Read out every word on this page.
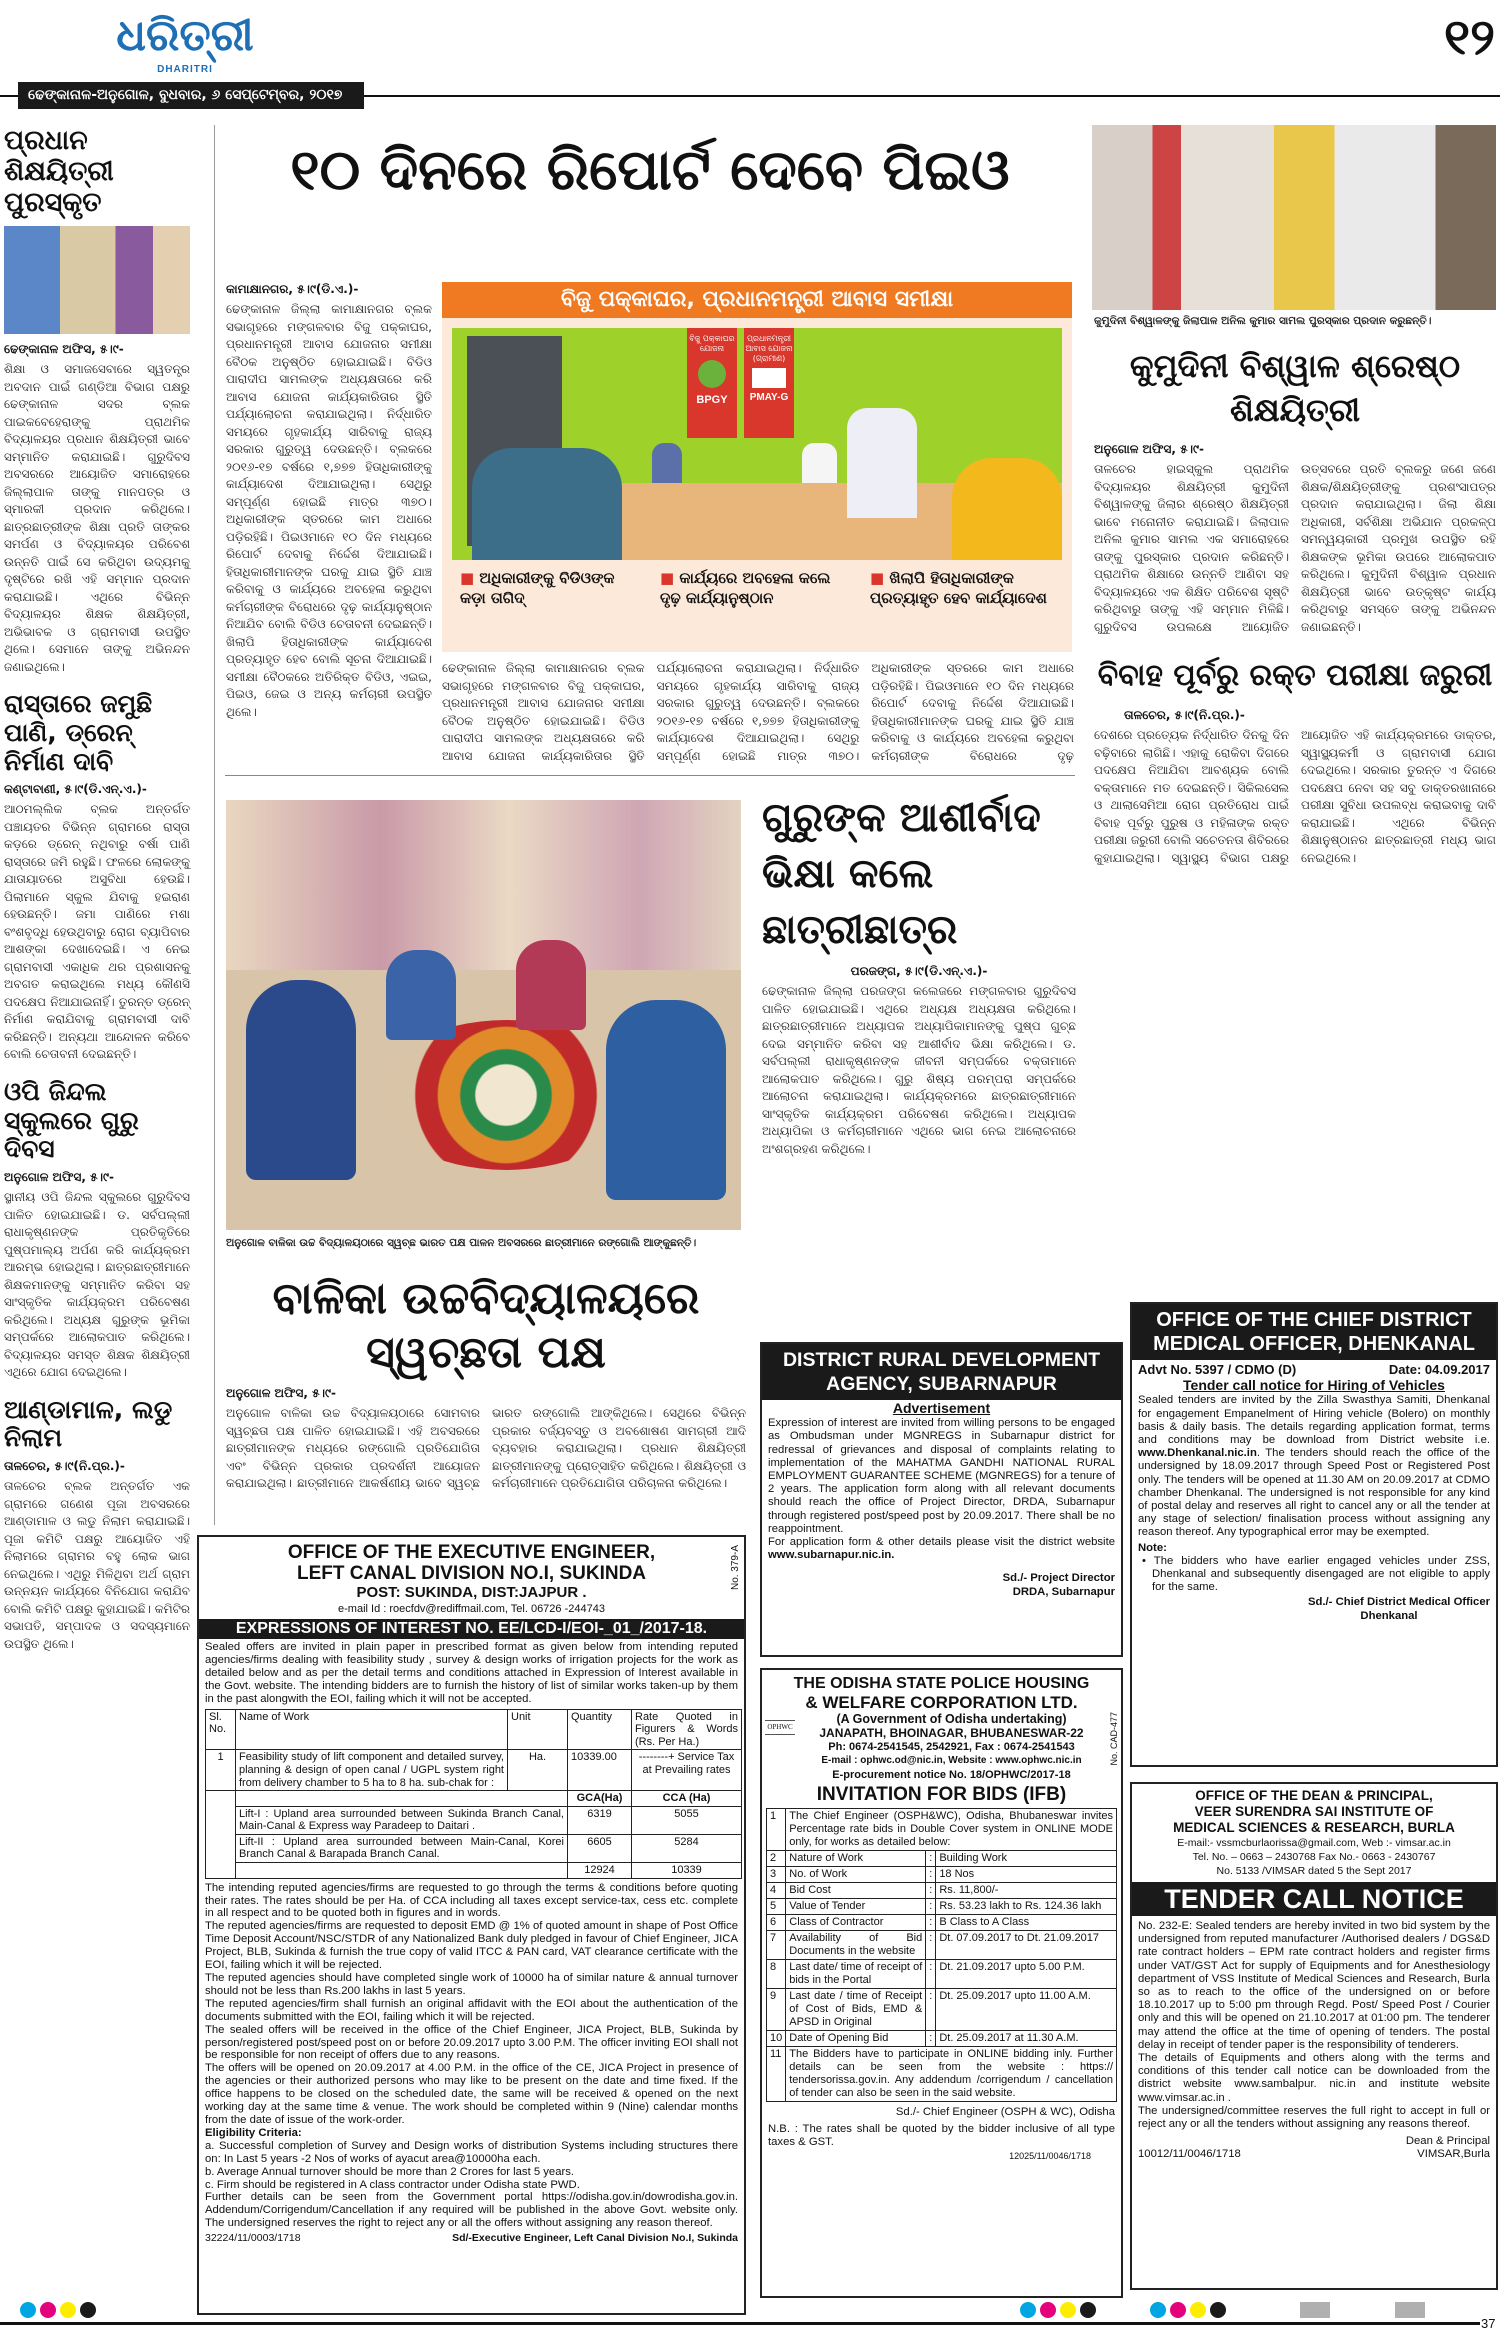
ଧରିତ୍ରୀ
DHARITRI
ଢେଙ୍କାନାଳ-ଅନୁଗୋଳ, ବୁଧବାର, ୬ ସେପ୍ଟେମ୍ବର, ୨୦୧୭
୧୨
ପ୍ରଧାନ ଶିକ୍ଷୟିତ୍ରୀ ପୁରସ୍କୃତ
ଢେଙ୍କାନାଳ ଅଫିସ, ୫।୯-
ଶିକ୍ଷା ଓ ସମାଜସେବାରେ ସ୍ୱତନ୍ତ୍ର ଅବଦାନ ପାଇଁ ଗଣ୍ଡିଆ ବିଭାଗ ପକ୍ଷରୁ ଢେଙ୍କାନାଳ ସଦର ବ୍ଲକ ପାଇକବେହେରାଙ୍କୁ ପ୍ରାଥମିକ ବିଦ୍ୟାଳୟର ପ୍ରଧାନ ଶିକ୍ଷୟିତ୍ରୀ ଭାବେ ସମ୍ମାନିତ କରାଯାଇଛି। ଗୁରୁଦିବସ ଅବସରରେ ଆୟୋଜିତ ସମାରୋହରେ ଜିଲ୍ଲାପାଳ ତାଙ୍କୁ ମାନପତ୍ର ଓ ସ୍ମାରକୀ ପ୍ରଦାନ କରିଥିଲେ। ଛାତ୍ରଛାତ୍ରୀଙ୍କ ଶିକ୍ଷା ପ୍ରତି ତାଙ୍କର ସମର୍ପଣ ଓ ବିଦ୍ୟାଳୟର ପରିବେଶ ଉନ୍ନତି ପାଇଁ ସେ କରିଥିବା ଉଦ୍ୟମକୁ ଦୃଷ୍ଟିରେ ରଖି ଏହି ସମ୍ମାନ ପ୍ରଦାନ କରାଯାଇଛି। ଏଥିରେ ବିଭିନ୍ନ ବିଦ୍ୟାଳୟର ଶିକ୍ଷକ ଶିକ୍ଷୟିତ୍ରୀ, ଅଭିଭାବକ ଓ ଗ୍ରାମବାସୀ ଉପସ୍ଥିତ ଥିଲେ। ସେମାନେ ତାଙ୍କୁ ଅଭିନନ୍ଦନ ଜଣାଇଥିଲେ।
ରାସ୍ତାରେ ଜମୁଛି ପାଣି, ଡ୍ରେନ୍ ନିର୍ମାଣ ଦାବି
କଣ୍ଟାବାଣୀ, ୫।୯(ଡି.ଏନ୍.ଏ.)-
ଆଠମଲ୍ଲିକ ବ୍ଲକ ଅନ୍ତର୍ଗତ ପଞ୍ଚାୟତର ବିଭିନ୍ନ ଗ୍ରାମରେ ରାସ୍ତା କଡ଼ରେ ଡ୍ରେନ୍ ନଥିବାରୁ ବର୍ଷା ପାଣି ରାସ୍ତାରେ ଜମି ରହୁଛି। ଫଳରେ ଲୋକଙ୍କୁ ଯାତାୟାତରେ ଅସୁବିଧା ହେଉଛି। ପିଲାମାନେ ସ୍କୁଲ ଯିବାକୁ ହଇରାଣ ହେଉଛନ୍ତି। ଜମା ପାଣିରେ ମଶା ବଂଶବୃଦ୍ଧି ହେଉଥିବାରୁ ରୋଗ ବ୍ୟାପିବାର ଆଶଙ୍କା ଦେଖାଦେଇଛି। ଏ ନେଇ ଗ୍ରାମବାସୀ ଏକାଧିକ ଥର ପ୍ରଶାସନକୁ ଅବଗତ କରାଇଥିଲେ ମଧ୍ୟ କୌଣସି ପଦକ୍ଷେପ ନିଆଯାଇନାହିଁ। ତୁରନ୍ତ ଡ୍ରେନ୍ ନିର୍ମାଣ କରାଯିବାକୁ ଗ୍ରାମବାସୀ ଦାବି କରିଛନ୍ତି। ଅନ୍ୟଥା ଆନ୍ଦୋଳନ କରିବେ ବୋଲି ଚେତାବନୀ ଦେଇଛନ୍ତି।
ଓପି ଜିନ୍ଦଲ ସ୍କୁଲରେ ଗୁରୁ ଦିବସ
ଅନୁଗୋଳ ଅଫିସ, ୫।୯-
ସ୍ଥାନୀୟ ଓପି ଜିନ୍ଦଲ ସ୍କୁଲରେ ଗୁରୁଦିବସ ପାଳିତ ହୋଇଯାଇଛି। ଡ. ସର୍ବପଲ୍ଲୀ ରାଧାକୃଷ୍ଣନଙ୍କ ପ୍ରତିକୃତିରେ ପୁଷ୍ପମାଲ୍ୟ ଅର୍ପଣ କରି କାର୍ଯ୍ୟକ୍ରମ ଆରମ୍ଭ ହୋଇଥିଲା। ଛାତ୍ରଛାତ୍ରୀମାନେ ଶିକ୍ଷକମାନଙ୍କୁ ସମ୍ମାନିତ କରିବା ସହ ସାଂସ୍କୃତିକ କାର୍ଯ୍ୟକ୍ରମ ପରିବେଷଣ କରିଥିଲେ। ଅଧ୍ୟକ୍ଷ ଗୁରୁଙ୍କ ଭୂମିକା ସମ୍ପର୍କରେ ଆଲୋକପାତ କରିଥିଲେ। ବିଦ୍ୟାଳୟର ସମସ୍ତ ଶିକ୍ଷକ ଶିକ୍ଷୟିତ୍ରୀ ଏଥିରେ ଯୋଗ ଦେଇଥିଲେ।
ଆଣ୍ଡାମାଳ, ଲଡୁ ନିଲାମ
ତାଳଚେର, ୫।୯(ନି.ପ୍ର.)-
ତାଳଚେର ବ୍ଲକ ଅନ୍ତର୍ଗତ ଏକ ଗ୍ରାମରେ ଗଣେଶ ପୂଜା ଅବସରରେ ଆଣ୍ଡାମାଳ ଓ ଲଡୁ ନିଲାମ କରାଯାଇଛି। ପୂଜା କମିଟି ପକ୍ଷରୁ ଆୟୋଜିତ ଏହି ନିଲାମରେ ଗ୍ରାମର ବହୁ ଲୋକ ଭାଗ ନେଇଥିଲେ। ଏଥିରୁ ମିଳିଥିବା ଅର୍ଥ ଗ୍ରାମ ଉନ୍ନୟନ କାର୍ଯ୍ୟରେ ବିନିଯୋଗ କରାଯିବ ବୋଲି କମିଟି ପକ୍ଷରୁ କୁହାଯାଇଛି। କମିଟିର ସଭାପତି, ସମ୍ପାଦକ ଓ ସଦସ୍ୟମାନେ ଉପସ୍ଥିତ ଥିଲେ।
୧୦ ଦିନରେ ରିପୋର୍ଟ ଦେବେ ପିଇଓ
କାମାକ୍ଷାନଗର, ୫।୯(ଡି.ଏ.)-
ଢେଙ୍କାନାଳ ଜିଲ୍ଲା କାମାକ୍ଷାନଗର ବ୍ଲକ ସଭାଗୃହରେ ମଙ୍ଗଳବାର ବିଜୁ ପକ୍କାଘର, ପ୍ରଧାନମନ୍ତ୍ରୀ ଆବାସ ଯୋଜନାର ସମୀକ୍ଷା ବୈଠକ ଅନୁଷ୍ଠିତ ହୋଇଯାଇଛି। ବିଡିଓ ପାରାଦୀପ ସାମଲଙ୍କ ଅଧ୍ୟକ୍ଷତାରେ କରି ଆବାସ ଯୋଜନା କାର୍ଯ୍ୟକାରିତାର ସ୍ଥିତି ପର୍ଯ୍ୟାଲୋଚନା କରାଯାଇଥିଲା। ନିର୍ଦ୍ଧାରିତ ସମୟରେ ଗୃହକାର୍ଯ୍ୟ ସାରିବାକୁ ରାଜ୍ୟ ସରକାର ଗୁରୁତ୍ୱ ଦେଉଛନ୍ତି। ବ୍ଲକରେ ୨୦୧୬-୧୭ ବର୍ଷରେ ୧,୭୭୭ ହିତାଧିକାରୀଙ୍କୁ କାର୍ଯ୍ୟାଦେଶ ଦିଆଯାଇଥିଲା। ସେଥିରୁ ସମ୍ପୂର୍ଣ୍ଣ ହୋଇଛି ମାତ୍ର ୩୭୦। ଅଧିକାରୀଙ୍କ ସ୍ତରରେ କାମ ଅଧାରେ ପଡ଼ିରହିଛି। ପିଇଓମାନେ ୧୦ ଦିନ ମଧ୍ୟରେ ରିପୋର୍ଟ ଦେବାକୁ ନିର୍ଦ୍ଦେଶ ଦିଆଯାଇଛି। ହିତାଧିକାରୀମାନଙ୍କ ଘରକୁ ଯାଇ ସ୍ଥିତି ଯାଞ୍ଚ କରିବାକୁ ଓ କାର୍ଯ୍ୟରେ ଅବହେଳା କରୁଥିବା କର୍ମଚାରୀଙ୍କ ବିରୋଧରେ ଦୃଢ଼ କାର୍ଯ୍ୟାନୁଷ୍ଠାନ ନିଆଯିବ ବୋଲି ବିଡିଓ ଚେତାବନୀ ଦେଇଛନ୍ତି। ଖିଲାପି ହିତାଧିକାରୀଙ୍କ କାର୍ଯ୍ୟାଦେଶ ପ୍ରତ୍ୟାହୃତ ହେବ ବୋଲି ସୂଚନା ଦିଆଯାଇଛି। ସମୀକ୍ଷା ବୈଠକରେ ଅତିରିକ୍ତ ବିଡିଓ, ଏଇଇ, ପିଇଓ, ଜେଇ ଓ ଅନ୍ୟ କର୍ମଚାରୀ ଉପସ୍ଥିତ ଥିଲେ।
ବିଜୁ ପକ୍କାଘର, ପ୍ରଧାନମନ୍ତ୍ରୀ ଆବାସ ସମୀକ୍ଷା
ବିଜୁ ପକ୍କାଘର ଯୋଜନା
BPGY
ପ୍ରଧାନମନ୍ତ୍ରୀ ଆବାସ ଯୋଜନା (ଗ୍ରାମୀଣ)
PMAY-G
■ ଅଧିକାରୀଙ୍କୁ ବିଡିଓଙ୍କ କଡ଼ା ତାଗିଦ୍
■ କାର୍ଯ୍ୟରେ ଅବହେଳା କଲେ ଦୃଢ଼ କାର୍ଯ୍ୟାନୁଷ୍ଠାନ
■ ଖିଲାପି ହିତାଧିକାରୀଙ୍କ ପ୍ରତ୍ୟାହୃତ ହେବ କାର୍ଯ୍ୟାଦେଶ
ଢେଙ୍କାନାଳ ଜିଲ୍ଲା କାମାକ୍ଷାନଗର ବ୍ଲକ ସଭାଗୃହରେ ମଙ୍ଗଳବାର ବିଜୁ ପକ୍କାଘର, ପ୍ରଧାନମନ୍ତ୍ରୀ ଆବାସ ଯୋଜନାର ସମୀକ୍ଷା ବୈଠକ ଅନୁଷ୍ଠିତ ହୋଇଯାଇଛି। ବିଡିଓ ପାରାଦୀପ ସାମଲଙ୍କ ଅଧ୍ୟକ୍ଷତାରେ କରି ଆବାସ ଯୋଜନା କାର୍ଯ୍ୟକାରିତାର ସ୍ଥିତି ପର୍ଯ୍ୟାଲୋଚନା କରାଯାଇଥିଲା। ନିର୍ଦ୍ଧାରିତ ସମୟରେ ଗୃହକାର୍ଯ୍ୟ ସାରିବାକୁ ରାଜ୍ୟ ସରକାର ଗୁରୁତ୍ୱ ଦେଉଛନ୍ତି। ବ୍ଲକରେ ୨୦୧୬-୧୭ ବର୍ଷରେ ୧,୭୭୭ ହିତାଧିକାରୀଙ୍କୁ କାର୍ଯ୍ୟାଦେଶ ଦିଆଯାଇଥିଲା। ସେଥିରୁ ସମ୍ପୂର୍ଣ୍ଣ ହୋଇଛି ମାତ୍ର ୩୭୦। ଅଧିକାରୀଙ୍କ ସ୍ତରରେ କାମ ଅଧାରେ ପଡ଼ିରହିଛି। ପିଇଓମାନେ ୧୦ ଦିନ ମଧ୍ୟରେ ରିପୋର୍ଟ ଦେବାକୁ ନିର୍ଦ୍ଦେଶ ଦିଆଯାଇଛି। ହିତାଧିକାରୀମାନଙ୍କ ଘରକୁ ଯାଇ ସ୍ଥିତି ଯାଞ୍ଚ କରିବାକୁ ଓ କାର୍ଯ୍ୟରେ ଅବହେଳା କରୁଥିବା କର୍ମଚାରୀଙ୍କ ବିରୋଧରେ ଦୃଢ଼
ଅନୁଗୋଳ ବାଳିକା ଉଚ୍ଚ ବିଦ୍ୟାଳୟଠାରେ ସ୍ୱଚ୍ଛ ଭାରତ ପକ୍ଷ ପାଳନ ଅବସରରେ ଛାତ୍ରୀମାନେ ରଙ୍ଗୋଲି ଆଙ୍କୁଛନ୍ତି।
ଗୁରୁଙ୍କ ଆଶୀର୍ବାଦ ଭିକ୍ଷା କଲେ ଛାତ୍ରୀଛାତ୍ର
ପରଜଙ୍ଗ, ୫।୯(ଡି.ଏନ୍.ଏ.)-
ଢେଙ୍କାନାଳ ଜିଲ୍ଲା ପରଜଙ୍ଗ କଲେଜରେ ମଙ୍ଗଳବାର ଗୁରୁଦିବସ ପାଳିତ ହୋଇଯାଇଛି। ଏଥିରେ ଅଧ୍ୟକ୍ଷ ଅଧ୍ୟକ୍ଷତା କରିଥିଲେ। ଛାତ୍ରଛାତ୍ରୀମାନେ ଅଧ୍ୟାପକ ଅଧ୍ୟାପିକାମାନଙ୍କୁ ପୁଷ୍ପ ଗୁଚ୍ଛ ଦେଇ ସମ୍ମାନିତ କରିବା ସହ ଆଶୀର୍ବାଦ ଭିକ୍ଷା କରିଥିଲେ। ଡ. ସର୍ବପଲ୍ଲୀ ରାଧାକୃଷ୍ଣନଙ୍କ ଜୀବନୀ ସମ୍ପର୍କରେ ବକ୍ତାମାନେ ଆଲୋକପାତ କରିଥିଲେ। ଗୁରୁ ଶିଷ୍ୟ ପରମ୍ପରା ସମ୍ପର୍କରେ ଆଲୋଚନା କରାଯାଇଥିଲା। କାର୍ଯ୍ୟକ୍ରମରେ ଛାତ୍ରଛାତ୍ରୀମାନେ ସାଂସ୍କୃତିକ କାର୍ଯ୍ୟକ୍ରମ ପରିବେଷଣ କରିଥିଲେ। ଅଧ୍ୟାପକ ଅଧ୍ୟାପିକା ଓ କର୍ମଚାରୀମାନେ ଏଥିରେ ଭାଗ ନେଇ ଆଲୋଚନାରେ ଅଂଶଗ୍ରହଣ କରିଥିଲେ।
ବାଳିକା ଉଚ୍ଚବିଦ୍ୟାଳୟରେ ସ୍ୱଚ୍ଛତା ପକ୍ଷ
ଅନୁଗୋଳ ଅଫିସ, ୫।୯-
ଅନୁଗୋଳ ବାଳିକା ଉଚ୍ଚ ବିଦ୍ୟାଳୟଠାରେ ସୋମବାର ସ୍ୱଚ୍ଛତା ପକ୍ଷ ପାଳିତ ହୋଇଯାଇଛି। ଏହି ଅବସରରେ ଛାତ୍ରୀମାନଙ୍କ ମଧ୍ୟରେ ରଙ୍ଗୋଲି ପ୍ରତିଯୋଗିତା ଏବଂ ବିଭିନ୍ନ ପ୍ରକାର ପ୍ରଦର୍ଶନୀ ଆୟୋଜନ କରାଯାଇଥିଲା। ଛାତ୍ରୀମାନେ ଆକର୍ଷଣୀୟ ଭାବେ ସ୍ୱଚ୍ଛ ଭାରତ ରଙ୍ଗୋଲି ଆଙ୍କିଥିଲେ। ସେଥିରେ ବିଭିନ୍ନ ପ୍ରକାର ବର୍ଜ୍ୟବସ୍ତୁ ଓ ଅବଶୋଷଣ ସାମଗ୍ରୀ ଆଦି ବ୍ୟବହାର କରାଯାଇଥିଲା। ପ୍ରଧାନ ଶିକ୍ଷୟିତ୍ରୀ ଛାତ୍ରୀମାନଙ୍କୁ ପ୍ରୋତ୍ସାହିତ କରିଥିଲେ। ଶିକ୍ଷୟିତ୍ରୀ ଓ କର୍ମଚାରୀମାନେ ପ୍ରତିଯୋଗିତା ପରିଚାଳନା କରିଥିଲେ।
OFFICE OF THE EXECUTIVE ENGINEER,
LEFT CANAL DIVISION NO.I, SUKINDA
POST: SUKINDA, DIST:JAJPUR .
e-mail Id : roecfdv@rediffmail.com, Tel. 06726 -244743
No. 379-A
EXPRESSIONS OF INTEREST NO. EE/LCD-I/EOI-_01_/2017-18.

Sealed offers are invited in plain paper in prescribed format as given below from intending reputed agencies/firms dealing with feasibility study , survey & design works of irrigation projects for the work as detailed below and as per the detail terms and conditions attached in Expression of Interest available in the Govt. website. The intending bidders are to furnish the history of list of similar works taken-up by them in the past alongwith the EOI, failing which it will not be accepted.

Sl. No.	Name of Work	Unit	Quantity	Rate Quoted in Figurers & Words (Rs. Per Ha.)
1	Feasibility study of lift component and detailed survey, planning & design of open canal / UGPL system right from delivery chamber to 5 ha to 8 ha. sub-chak for :	Ha.	10339.00	--------+ Service Tax at Prevailing rates
			GCA(Ha)	CCA (Ha)
	Lift-I : Upland area surrounded between Sukinda Branch Canal, Main-Canal & Express way Paradeep to Daitari .		6319	5055
	Lift-II : Upland area surrounded between Main-Canal, Korei Branch Canal & Barapada Branch Canal.		6605	5284
			12924	10339

The intending reputed agencies/firms are requested to go through the terms & conditions before quoting their rates. The rates should be per Ha. of CCA including all taxes except service-tax, cess etc. complete in all respect and to be quoted both in figures and in words.

The reputed agencies/firms are requested to deposit EMD @ 1% of quoted amount in shape of Post Office Time Deposit Account/NSC/STDR of any Nationalized Bank duly pledged in favour of Chief Engineer, JICA Project, BLB, Sukinda & furnish the true copy of valid ITCC & PAN card, VAT clearance certificate with the EOI, failing which it will be rejected.

The reputed agencies should have completed single work of 10000 ha of similar nature & annual turnover should not be less than Rs.200 lakhs in last 5 years.

The reputed agencies/firm shall furnish an original affidavit with the EOI about the authentication of the documents submitted with the EOI, failing which it will be rejected.

The sealed offers will be received in the office of the Chief Engineer, JICA Project, BLB, Sukinda by person/registered post/speed post on or before 20.09.2017 upto 3.00 P.M. The officer inviting EOI shall not be responsible for non receipt of offers due to any reasons.

The offers will be opened on 20.09.2017 at 4.00 P.M. in the office of the CE, JICA Project in presence of the agencies or their authorized persons who may like to be present on the date and time fixed. If the office happens to be closed on the scheduled date, the same will be received & opened on the next working day at the same time & venue. The work should be completed within 9 (Nine) calendar months from the date of issue of the work-order.

Eligibility Criteria:

a. Successful completion of Survey and Design works of distribution Systems including structures there on: In Last 5 years -2 Nos of works of ayacut area@10000ha each.

b. Average Annual turnover should be more than 2 Crores for last 5 years.

c. Firm should be registered in A class contractor under Odisha state PWD.

Further details can be seen from the Government portal https://odisha.gov.in/dowrodisha.gov.in. Addendum/Corrigendum/Cancellation if any required will be published in the above Govt. website only. The undersigned reserves the right to reject any or all the offers without assigning any reason thereof.

32224/11/0003/1718	Sd/-Executive Engineer, Left Canal Division No.I, Sukinda
DISTRICT RURAL DEVELOPMENT
AGENCY, SUBARNAPUR
Advertisement

Expression of interest are invited from willing persons to be engaged as Ombudsman under MGNREGS in Subarnapur district for redressal of grievances and disposal of complaints relating to implementation of the MAHATMA GANDHI NATIONAL RURAL EMPLOYMENT GUARANTEE SCHEME (MGNREGS) for a tenure of 2 years. The application form along with all relevant documents should reach the office of Project Director, DRDA, Subarnapur through registered post/speed post by 20.09.2017. There shall be no reappointment.

For application form & other details please visit the district website www.subarnapur.nic.in.

Sd./- Project Director
DRDA, Subarnapur
THE ODISHA STATE POLICE HOUSING
& WELFARE CORPORATION LTD.
OPHWC
(A Government of Odisha undertaking)
JANAPATH, BHOINAGAR, BHUBANESWAR-22
Ph: 0674-2541545, 2542921, Fax : 0674-2541543
E-mail : ophwc.od@nic.in, Website : www.ophwc.nic.in
E-procurement notice No. 18/OPHWC/2017-18
No. CAD-477
INVITATION FOR BIDS (IFB)
1	The Chief Engineer (OSPH&WC), Odisha, Bhubaneswar invites Percentage rate bids in Double Cover system in ONLINE MODE only, for works as detailed below:		
2	Nature of Work	:	Building Work
3	No. of Work	:	18 Nos
4	Bid Cost	:	Rs. 11,800/-
5	Value of Tender	:	Rs. 53.23 lakh to Rs. 124.36 lakh
6	Class of Contractor	:	B Class to A Class
7	Availability of Bid Documents in the website	:	Dt. 07.09.2017 to Dt. 21.09.2017
8	Last date/ time of receipt of bids in the Portal	:	Dt. 21.09.2017 upto 5.00 P.M.
9	Last date / time of Receipt of Cost of Bids, EMD & APSD in Original	:	Dt. 25.09.2017 upto 11.00 A.M.
10	Date of Opening Bid	:	Dt. 25.09.2017 at 11.30 A.M.
11	The Bidders have to participate in ONLINE bidding inly. Further details can be seen from the website : https:// tendersorissa.gov.in. Any addendum /corrigendum / cancellation of tender can also be seen in the said website.		
Sd./- Chief Engineer (OSPH & WC), Odisha

N.B. : The rates shall be quoted by the bidder inclusive of all type taxes & GST.

12025/11/0046/1718
କୁମୁଦିନୀ ବିଶ୍ୱାଳଙ୍କୁ ଜିଲାପାଳ ଅନିଲ କୁମାର ସାମଲ ପୁରସ୍କାର ପ୍ରଦାନ କରୁଛନ୍ତି।
କୁମୁଦିନୀ ବିଶ୍ୱାଳ ଶ୍ରେଷ୍ଠ ଶିକ୍ଷୟିତ୍ରୀ
ଅନୁଗୋଳ ଅଫିସ, ୫।୯-
ତାଳଚେର ହାଇସ୍କୁଲ ପ୍ରାଥମିକ ବିଦ୍ୟାଳୟର ଶିକ୍ଷୟିତ୍ରୀ କୁମୁଦିନୀ ବିଶ୍ୱାଳଙ୍କୁ ଜିଲାର ଶ୍ରେଷ୍ଠ ଶିକ୍ଷୟିତ୍ରୀ ଭାବେ ମନୋନୀତ କରାଯାଇଛି। ଜିଲାପାଳ ଅନିଲ କୁମାର ସାମଲ ଏକ ସମାରୋହରେ ତାଙ୍କୁ ପୁରସ୍କାର ପ୍ରଦାନ କରିଛନ୍ତି। ପ୍ରାଥମିକ ଶିକ୍ଷାରେ ଉନ୍ନତି ଆଣିବା ସହ ବିଦ୍ୟାଳୟରେ ଏକ ଶିକ୍ଷିତ ପରିବେଶ ସୃଷ୍ଟି କରିଥିବାରୁ ତାଙ୍କୁ ଏହି ସମ୍ମାନ ମିଳିଛି। ଗୁରୁଦିବସ ଉପଲକ୍ଷେ ଆୟୋଜିତ ଉତ୍ସବରେ ପ୍ରତି ବ୍ଲକରୁ ଜଣେ ଜଣେ ଶିକ୍ଷକ/ଶିକ୍ଷୟିତ୍ରୀଙ୍କୁ ପ୍ରଶଂସାପତ୍ର ପ୍ରଦାନ କରାଯାଇଥିଲା। ଜିଲା ଶିକ୍ଷା ଅଧିକାରୀ, ସର୍ବଶିକ୍ଷା ଅଭିଯାନ ପ୍ରକଳ୍ପ ସମନ୍ୱୟକାରୀ ପ୍ରମୁଖ ଉପସ୍ଥିତ ରହି ଶିକ୍ଷକଙ୍କ ଭୂମିକା ଉପରେ ଆଲୋକପାତ କରିଥିଲେ। କୁମୁଦିନୀ ବିଶ୍ୱାଳ ପ୍ରଧାନ ଶିକ୍ଷୟିତ୍ରୀ ଭାବେ ଉତ୍କୃଷ୍ଟ କାର୍ଯ୍ୟ କରିଥିବାରୁ ସମସ୍ତେ ତାଙ୍କୁ ଅଭିନନ୍ଦନ ଜଣାଇଛନ୍ତି।
ବିବାହ ପୂର୍ବରୁ ରକ୍ତ ପରୀକ୍ଷା ଜରୁରୀ
ତାଳଚେର, ୫।୯(ନି.ପ୍ର.)-
ଦେଶରେ ପ୍ରତ୍ୟେକ ନିର୍ଦ୍ଧାରିତ ଦିନକୁ ଦିନ ବଢ଼ିବାରେ ଲାଗିଛି। ଏହାକୁ ରୋକିବା ଦିଗରେ ପଦକ୍ଷେପ ନିଆଯିବା ଆବଶ୍ୟକ ବୋଲି ବକ୍ତାମାନେ ମତ ଦେଇଛନ୍ତି। ସିକିଲସେଲ ଓ ଥାଲାସେମିଆ ରୋଗ ପ୍ରତିରୋଧ ପାଇଁ ବିବାହ ପୂର୍ବରୁ ପୁରୁଷ ଓ ମହିଳାଙ୍କ ରକ୍ତ ପରୀକ୍ଷା ଜରୁରୀ ବୋଲି ସଚେତନତା ଶିବିରରେ କୁହାଯାଇଥିଲା। ସ୍ୱାସ୍ଥ୍ୟ ବିଭାଗ ପକ୍ଷରୁ ଆୟୋଜିତ ଏହି କାର୍ଯ୍ୟକ୍ରମରେ ଡାକ୍ତର, ସ୍ୱାସ୍ଥ୍ୟକର୍ମୀ ଓ ଗ୍ରାମବାସୀ ଯୋଗ ଦେଇଥିଲେ। ସରକାର ତୁରନ୍ତ ଏ ଦିଗରେ ପଦକ୍ଷେପ ନେବା ସହ ସବୁ ଡାକ୍ତରଖାନାରେ ପରୀକ୍ଷା ସୁବିଧା ଉପଲବ୍ଧ କରାଇବାକୁ ଦାବି କରାଯାଇଛି। ଏଥିରେ ବିଭିନ୍ନ ଶିକ୍ଷାନୁଷ୍ଠାନର ଛାତ୍ରଛାତ୍ରୀ ମଧ୍ୟ ଭାଗ ନେଇଥିଲେ।
OFFICE OF THE CHIEF DISTRICT
MEDICAL OFFICER, DHENKANAL
Advt No. 5397 / CDMO (D)	Date: 04.09.2017
Tender call notice for Hiring of Vehicles

Sealed tenders are invited by the Zilla Swasthya Samiti, Dhenkanal for engagement Empanelment of Hiring vehicle (Bolero) on monthly basis & daily basis. The details regarding application format, terms and conditions may be download from District website i.e. www.Dhenkanal.nic.in. The tenders should reach the office of the undersigned by 18.09.2017 through Speed Post or Registered Post only. The tenders will be opened at 11.30 AM on 20.09.2017 at CDMO chamber Dhenkanal. The undersigned is not responsible for any kind of postal delay and reserves all right to cancel any or all the tender at any stage of selection/ finalisation process without assigning any reason thereof. Any typographical error may be exempted.

Note:

• The bidders who have earlier engaged vehicles under ZSS, Dhenkanal and subsequently disengaged are not eligible to apply for the same.

Sd./- Chief District Medical Officer
Dhenkanal
OFFICE OF THE DEAN & PRINCIPAL,
VEER SURENDRA SAI INSTITUTE OF
MEDICAL SCIENCES & RESEARCH, BURLA
E-mail:- vssmcburlaorissa@gmail.com, Web :- vimsar.ac.in
Tel. No. – 0663 – 2430768 Fax No.- 0663 - 2430767
No. 5133 /VIMSAR dated 5 the Sept 2017
TENDER CALL NOTICE

No. 232-E: Sealed tenders are hereby invited in two bid system by the undersigned from reputed manufacturer /Authorised dealers / DGS&D rate contract holders – EPM rate contract holders and register firms under VAT/GST Act for supply of Equipments and for Anesthesiology department of VSS Institute of Medical Sciences and Research, Burla so as to reach to the office of the undersigned on or before 18.10.2017 up to 5:00 pm through Regd. Post/ Speed Post / Courier only and this will be opened on 21.10.2017 at 01:00 pm. The tenderer may attend the office at the time of opening of tenders. The postal delay in receipt of tender paper is the responsibility of tenderers.

The details of Equipments and others along with the terms and conditions of this tender call notice can be downloaded from the district website www.sambalpur. nic.in and institute website www.vimsar.ac.in .

The undersigned/committee reserves the full right to accept in full or reject any or all the tenders without assigning any reasons thereof.

Dean & Principal
10012/11/0046/1718	VIMSAR,Burla
37
